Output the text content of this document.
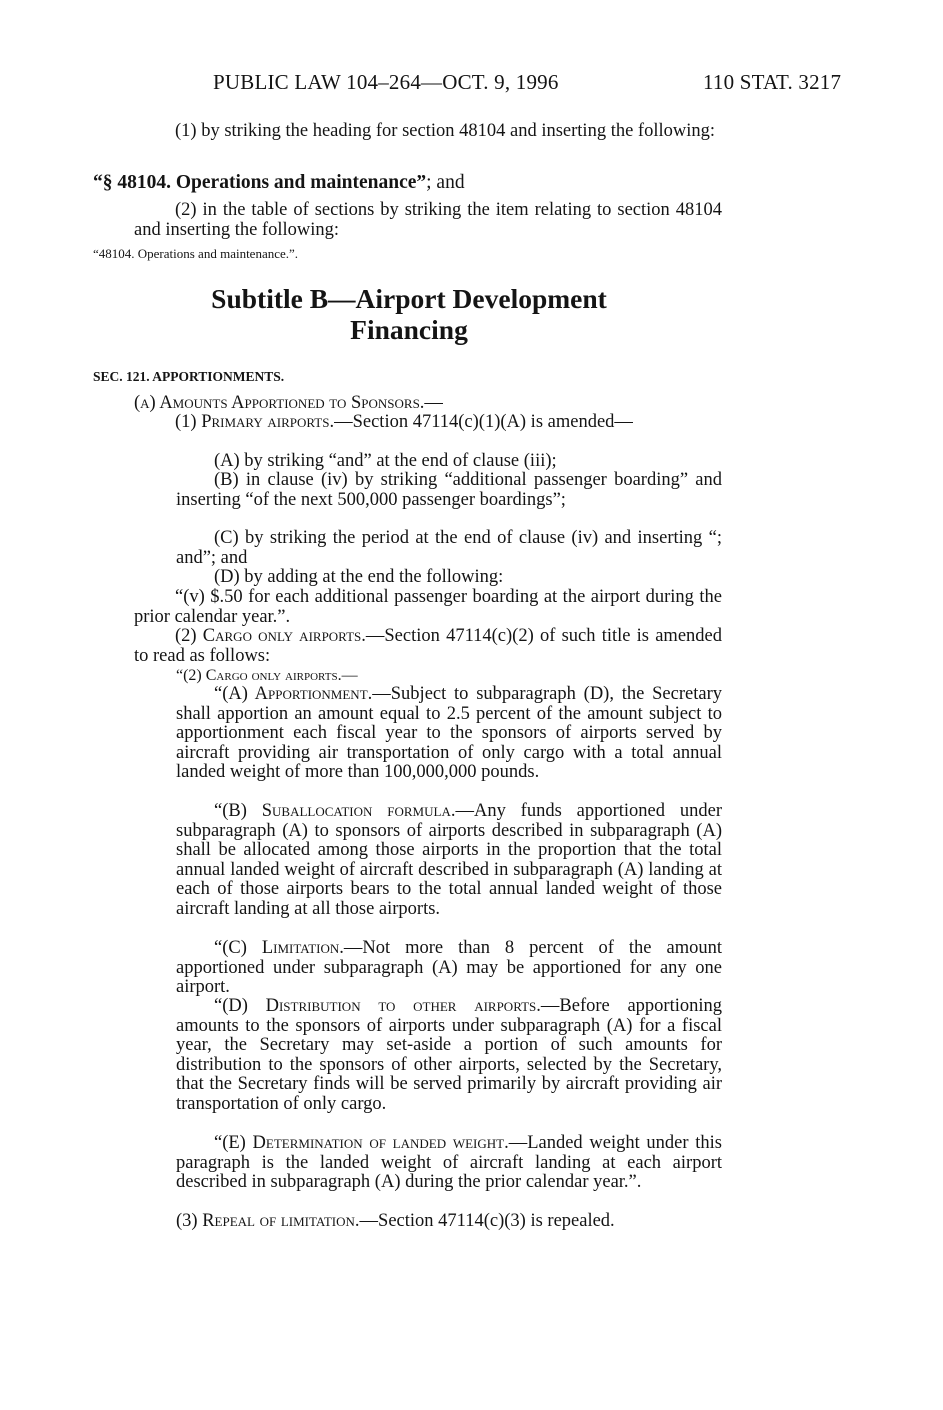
PUBLIC LAW 104–264—OCT. 9, 1996	110 STAT. 3217
(1) by striking the heading for section 48104 and inserting the following:
“§ 48104. Operations and maintenance”; and
(2) in the table of sections by striking the item relating to section 48104 and inserting the following:
“48104. Operations and maintenance.”.
Subtitle B—Airport Development
Financing
SEC. 121. APPORTIONMENTS.
(a) Amounts Apportioned to Sponsors.—
(1) Primary airports.—Section 47114(c)(1)(A) is amended—
(A) by striking “and” at the end of clause (iii);
(B) in clause (iv) by striking “additional passenger boarding” and inserting “of the next 500,000 passenger boardings”;
(C) by striking the period at the end of clause (iv) and inserting “; and”; and
(D) by adding at the end the following:
“(v) $.50 for each additional passenger boarding at the airport during the prior calendar year.”.
(2) Cargo only airports.—Section 47114(c)(2) of such title is amended to read as follows:
“(2) Cargo only airports.—
“(A) Apportionment.—Subject to subparagraph (D), the Secretary shall apportion an amount equal to 2.5 percent of the amount subject to apportionment each fiscal year to the sponsors of airports served by aircraft providing air transportation of only cargo with a total annual landed weight of more than 100,000,000 pounds.
“(B) Suballocation formula.—Any funds apportioned under subparagraph (A) to sponsors of airports described in subparagraph (A) shall be allocated among those airports in the proportion that the total annual landed weight of aircraft described in subparagraph (A) landing at each of those airports bears to the total annual landed weight of those aircraft landing at all those airports.
“(C) Limitation.—Not more than 8 percent of the amount apportioned under subparagraph (A) may be apportioned for any one airport.
“(D) Distribution to other airports.—Before apportioning amounts to the sponsors of airports under subparagraph (A) for a fiscal year, the Secretary may set-aside a portion of such amounts for distribution to the sponsors of other airports, selected by the Secretary, that the Secretary finds will be served primarily by aircraft providing air transportation of only cargo.
“(E) Determination of landed weight.—Landed weight under this paragraph is the landed weight of aircraft landing at each airport described in subparagraph (A) during the prior calendar year.”.
(3) Repeal of limitation.—Section 47114(c)(3) is repealed.
